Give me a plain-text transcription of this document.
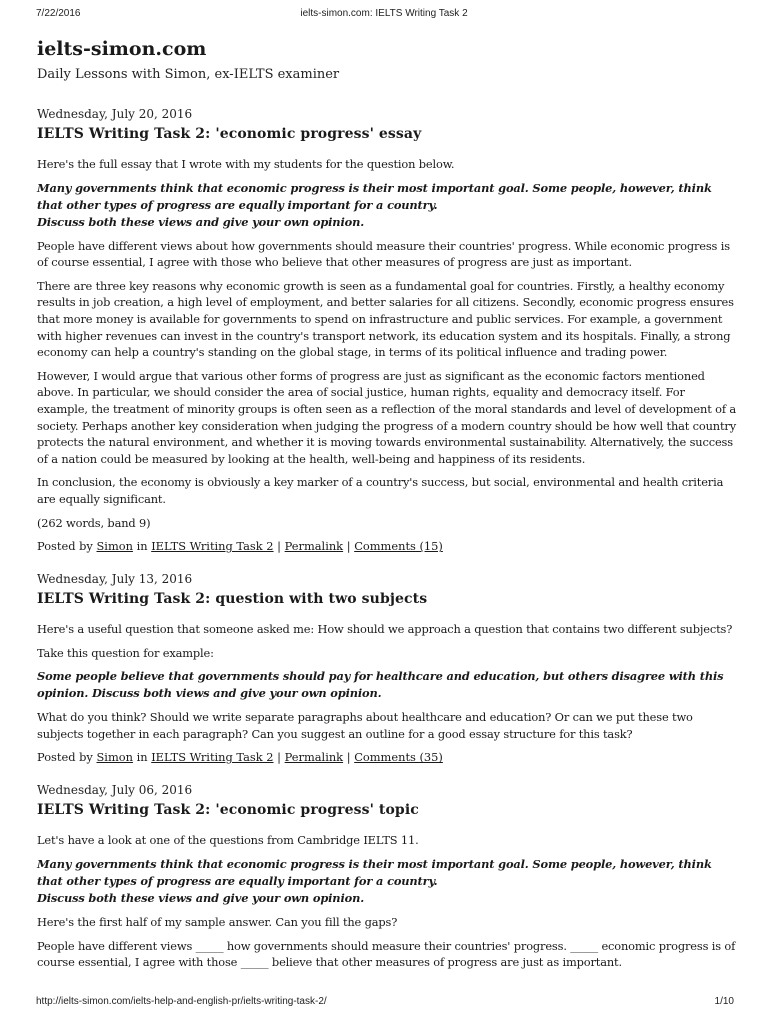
7/22/2016	ielts-simon.com: IELTS Writing Task 2
ielts-simon.com
Daily Lessons with Simon, ex-IELTS examiner
Wednesday, July 20, 2016
IELTS Writing Task 2: 'economic progress' essay

Here's the full essay that I wrote with my students for the question below.

Many governments think that economic progress is their most important goal. Some people, however, think that other types of progress are equally important for a country.
Discuss both these views and give your own opinion.

People have different views about how governments should measure their countries' progress. While economic progress is of course essential, I agree with those who believe that other measures of progress are just as important.

There are three key reasons why economic growth is seen as a fundamental goal for countries. Firstly, a healthy economy results in job creation, a high level of employment, and better salaries for all citizens. Secondly, economic progress ensures that more money is available for governments to spend on infrastructure and public services. For example, a government with higher revenues can invest in the country's transport network, its education system and its hospitals. Finally, a strong economy can help a country's standing on the global stage, in terms of its political influence and trading power.

However, I would argue that various other forms of progress are just as significant as the economic factors mentioned above. In particular, we should consider the area of social justice, human rights, equality and democracy itself. For example, the treatment of minority groups is often seen as a reflection of the moral standards and level of development of a society. Perhaps another key consideration when judging the progress of a modern country should be how well that country protects the natural environment, and whether it is moving towards environmental sustainability. Alternatively, the success of a nation could be measured by looking at the health, well-being and happiness of its residents.

In conclusion, the economy is obviously a key marker of a country's success, but social, environmental and health criteria are equally significant.

(262 words, band 9)

Posted by Simon in IELTS Writing Task 2 | Permalink | Comments (15)
Wednesday, July 13, 2016
IELTS Writing Task 2: question with two subjects

Here's a useful question that someone asked me: How should we approach a question that contains two different subjects?

Take this question for example:

Some people believe that governments should pay for healthcare and education, but others disagree with this opinion. Discuss both views and give your own opinion.

What do you think? Should we write separate paragraphs about healthcare and education? Or can we put these two subjects together in each paragraph? Can you suggest an outline for a good essay structure for this task?

Posted by Simon in IELTS Writing Task 2 | Permalink | Comments (35)
Wednesday, July 06, 2016
IELTS Writing Task 2: 'economic progress' topic

Let's have a look at one of the questions from Cambridge IELTS 11.

Many governments think that economic progress is their most important goal. Some people, however, think that other types of progress are equally important for a country.
Discuss both these views and give your own opinion.

Here's the first half of my sample answer. Can you fill the gaps?

People have different views _____ how governments should measure their countries' progress. _____ economic progress is of course essential, I agree with those _____ believe that other measures of progress are just as important.

http://ielts-simon.com/ielts-help-and-english-pr/ielts-writing-task-2/	1/10
